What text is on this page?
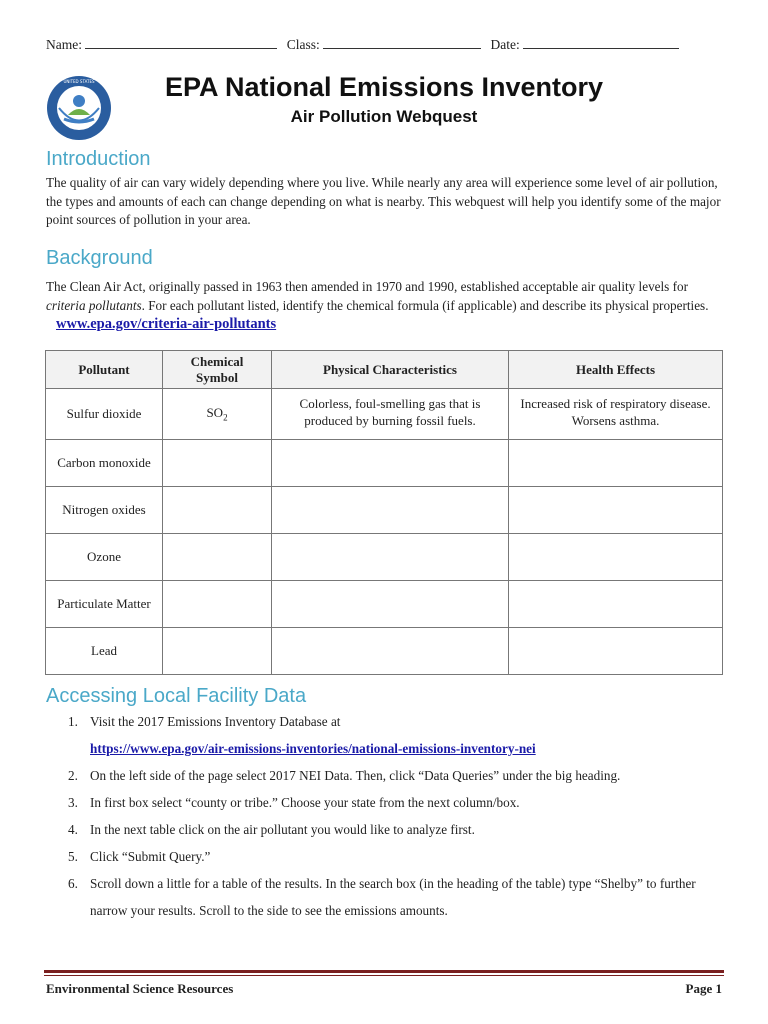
Name:	Class:	Date:
UNITED STATES	EPA National Emissions Inventory
Air Pollution Webquest
Introduction
The quality of air can vary widely depending where you live. While nearly any area will experience some level of air pollution, the types and amounts of each can change depending on what is nearby. This webquest will help you identify some of the major point sources of pollution in your area.
Background
The Clean Air Act, originally passed in 1963 then amended in 1970 and 1990, established acceptable air quality levels for criteria pollutants. For each pollutant listed, identify the chemical formula (if applicable) and describe its physical properties. www.epa.gov/criteria-air-pollutants
Pollutant	Chemical Symbol	Physical Characteristics	Health Effects
Sulfur dioxide	$SO_2$	Colorless, foul-smelling gas that is produced by burning fossil fuels.	Increased risk of respiratory disease. Worsens asthma.
Carbon monoxide			
Nitrogen oxides			
Ozone			
Particulate Matter			
Lead			
Accessing Local Facility Data
1. Visit the 2017 Emissions Inventory Database at
https://www.epa.gov/air-emissions-inventories/national-emissions-inventory-nei
2. On the left side of the page select 2017 NEI Data. Then, click “Data Queries” under the big heading.
3. In first box select “county or tribe.” Choose your state from the next column/box.
4. In the next table click on the air pollutant you would like to analyze first.
5. Click “Submit Query.”
6. Scroll down a little for a table of the results. In the search box (in the heading of the table) type “Shelby” to further narrow your results. Scroll to the side to see the emissions amounts.
Environmental Science Resources	Page 1
